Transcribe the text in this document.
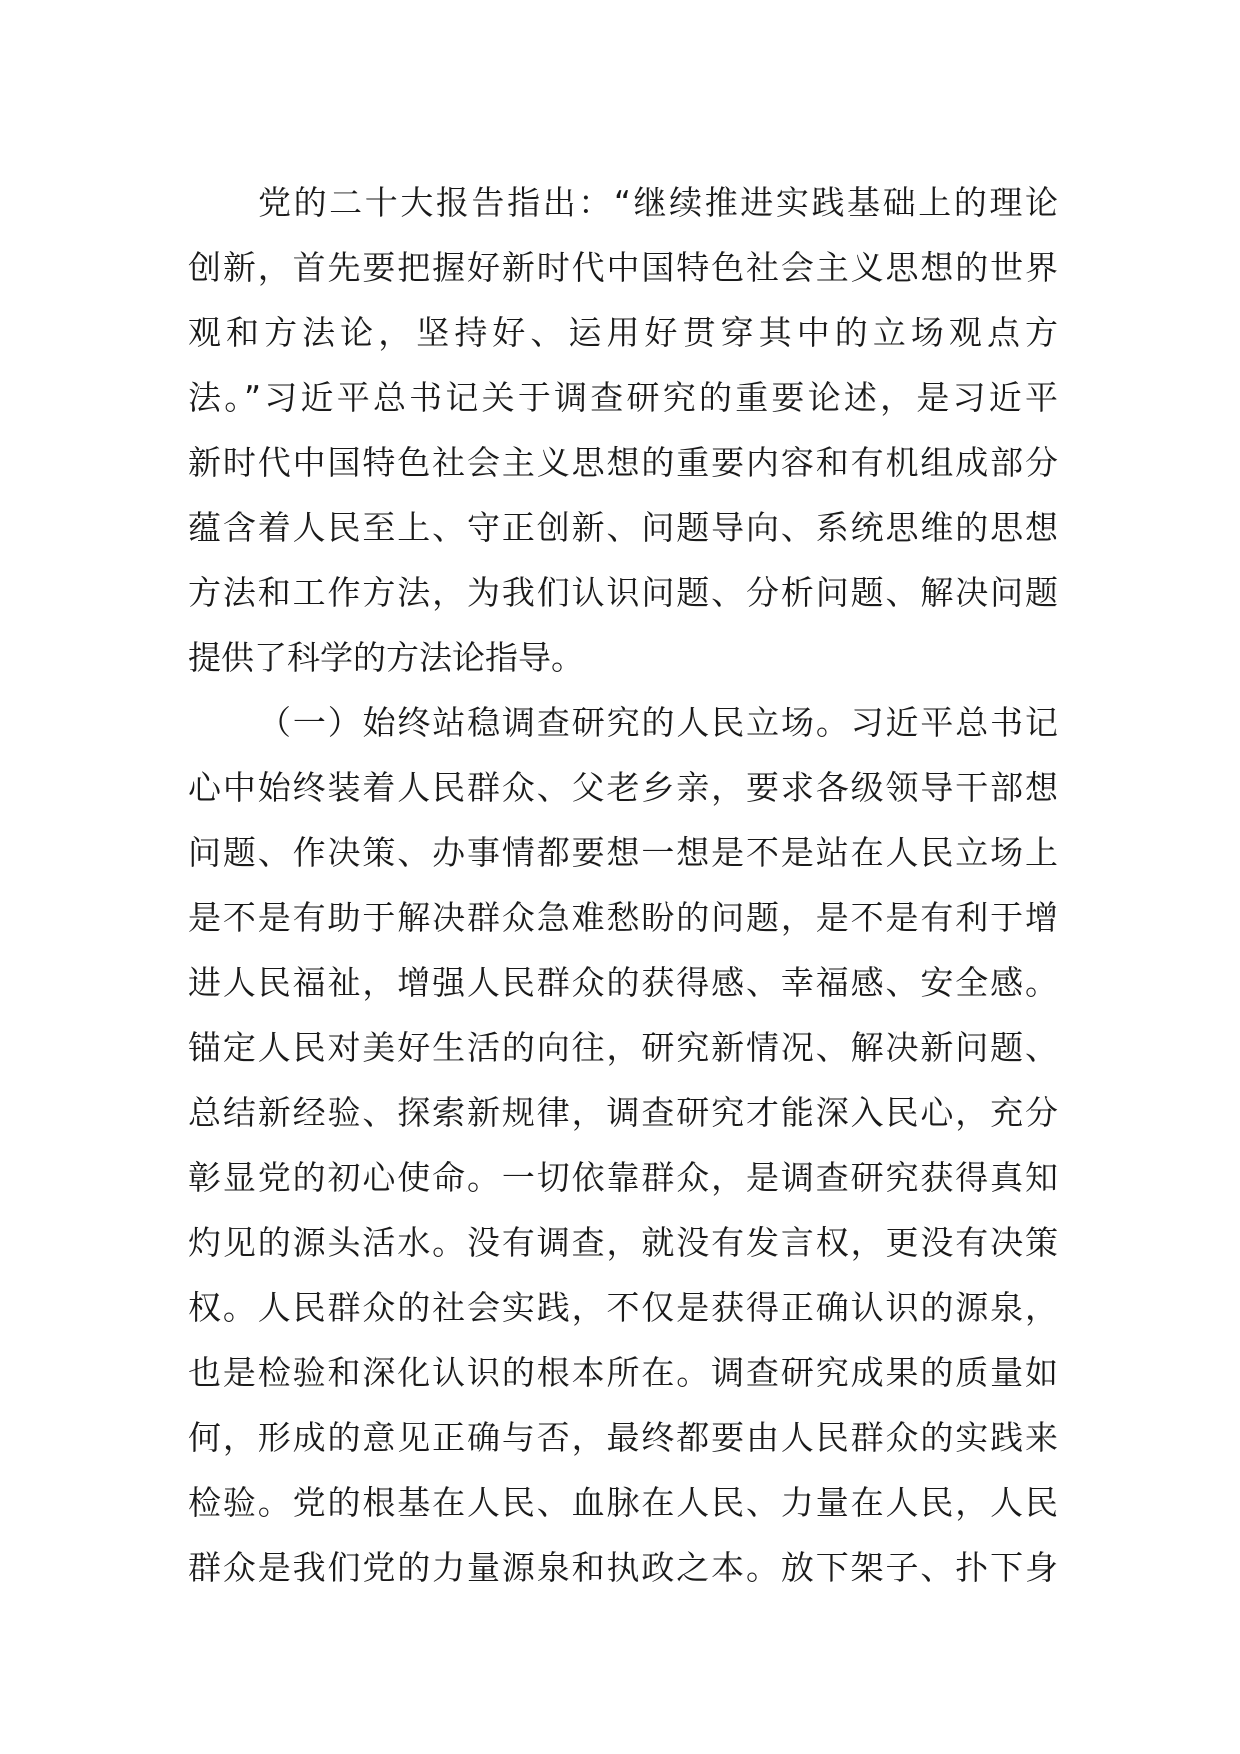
党的二十大报告指出：“继续推进实践基础上的理论
创新，首先要把握好新时代中国特色社会主义思想的世界
观和方法论，坚持好、运用好贯穿其中的立场观点方
法。”习近平总书记关于调查研究的重要论述，是习近平
新时代中国特色社会主义思想的重要内容和有机组成部分
蕴含着人民至上、守正创新、问题导向、系统思维的思想
方法和工作方法，为我们认识问题、分析问题、解决问题
提供了科学的方法论指导。
（一）始终站稳调查研究的人民立场。习近平总书记
心中始终装着人民群众、父老乡亲，要求各级领导干部想
问题、作决策、办事情都要想一想是不是站在人民立场上
是不是有助于解决群众急难愁盼的问题，是不是有利于增
进人民福祉，增强人民群众的获得感、幸福感、安全感。
锚定人民对美好生活的向往，研究新情况、解决新问题、
总结新经验、探索新规律，调查研究才能深入民心，充分
彰显党的初心使命。一切依靠群众，是调查研究获得真知
灼见的源头活水。没有调查，就没有发言权，更没有决策
权。人民群众的社会实践，不仅是获得正确认识的源泉，
也是检验和深化认识的根本所在。调查研究成果的质量如
何，形成的意见正确与否，最终都要由人民群众的实践来
检验。党的根基在人民、血脉在人民、力量在人民，人民
群众是我们党的力量源泉和执政之本。放下架子、扑下身
